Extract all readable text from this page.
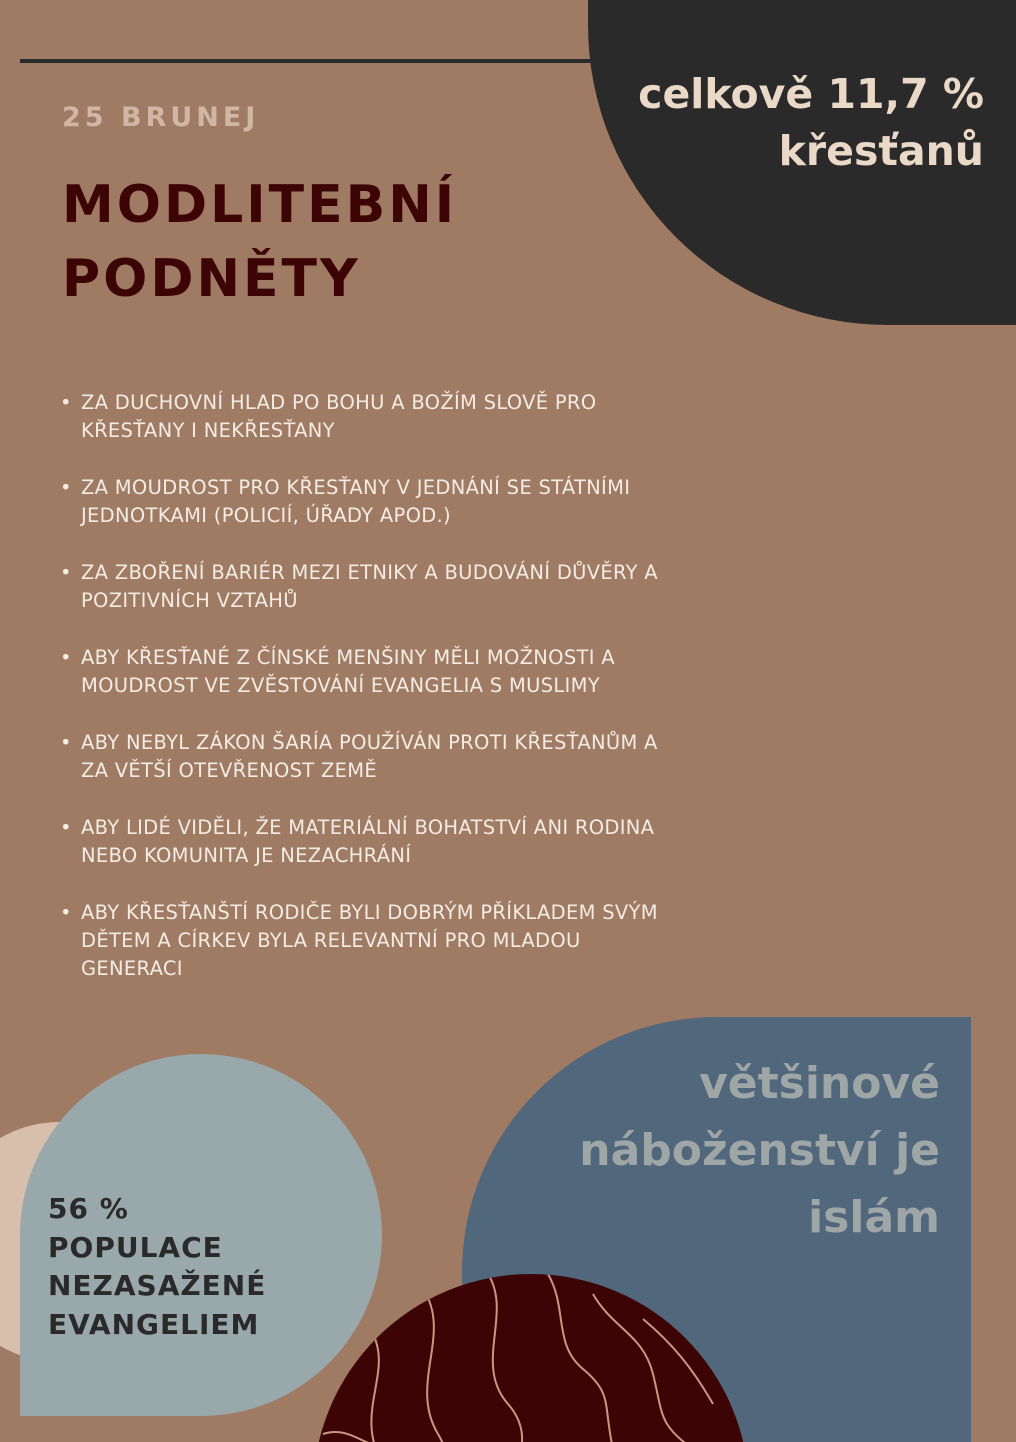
celkově 11,7 %
křesťanů

25 BRUNEJ

MODLITEBNÍ
PODNĚTY
• ZA DUCHOVNÍ HLAD PO BOHU A BOŽÍM SLOVĚ PRO
KŘESŤANY I NEKŘESŤANY
• ZA MOUDROST PRO KŘESŤANY V JEDNÁNÍ SE STÁTNÍMI
JEDNOTKAMI (POLICIÍ, ÚŘADY APOD.)
• ZA ZBOŘENÍ BARIÉR MEZI ETNIKY A BUDOVÁNÍ DŮVĚRY A
POZITIVNÍCH VZTAHŮ
• ABY KŘESŤANÉ Z ČÍNSKÉ MENŠINY MĚLI MOŽNOSTI A
MOUDROST VE ZVĚSTOVÁNÍ EVANGELIA S MUSLIMY
• ABY NEBYL ZÁKON ŠARÍA POUŽÍVÁN PROTI KŘESŤANŮM A
ZA VĚTŠÍ OTEVŘENOST ZEMĚ
• ABY LIDÉ VIDĚLI, ŽE MATERIÁLNÍ BOHATSTVÍ ANI RODINA
NEBO KOMUNITA JE NEZACHRÁNÍ
• ABY KŘESŤANŠTÍ RODIČE BYLI DOBRÝM PŘÍKLADEM SVÝM
DĚTEM A CÍRKEV BYLA RELEVANTNÍ PRO MLADOU
GENERACI

56 %
POPULACE
NEZASAŽENÉ
EVANGELIEM

většinové
náboženství je
islám
